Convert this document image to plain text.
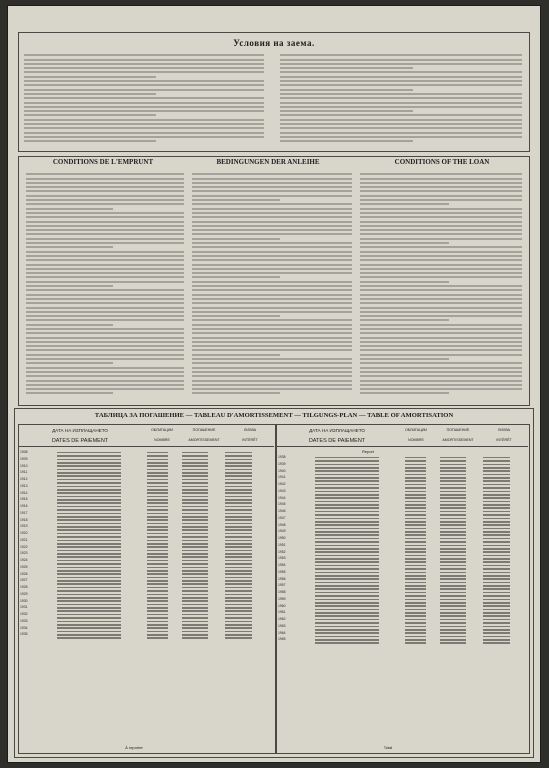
Условия на заема.
CONDITIONS DE L'EMPRUNT	BEDINGUNGEN DER ANLEIHE	CONDITIONS OF THE LOAN
ТАБЛИЦА ЗА ПОГАШЕНИЕ — TABLEAU D'AMORTISSEMENT — TILGUNGS-PLAN — TABLE OF AMORTISATION
ДАТА НА ИЗПЛАЩАНЕТО
DATES DE PAIEMENT
ОБЛИГАЦИИ
NOMBRE
ПОГАШЕНИЕ
AMORTISSEMENT
ЛИХВА
INTÉRÊT
1908
1909
1910
1911
1912
1913
1914
1915
1916
1917
1918
1919
1920
1921
1922
1923
1924
1925
1926
1927
1928
1929
1930
1931
1932
1933
1934
1935
À reporter
ДАТА НА ИЗПЛАЩАНЕТО
DATES DE PAIEMENT
ОБЛИГАЦИИ
NOMBRE
ПОГАШЕНИЕ
AMORTISSEMENT
ЛИХВА
INTÉRÊT
Report
1938
1939
1940
1941
1942
1943
1944
1945
1946
1947
1948
1949
1950
1951
1952
1953
1954
1955
1956
1957
1958
1959
1960
1961
1962
1963
1964
1965
Total
